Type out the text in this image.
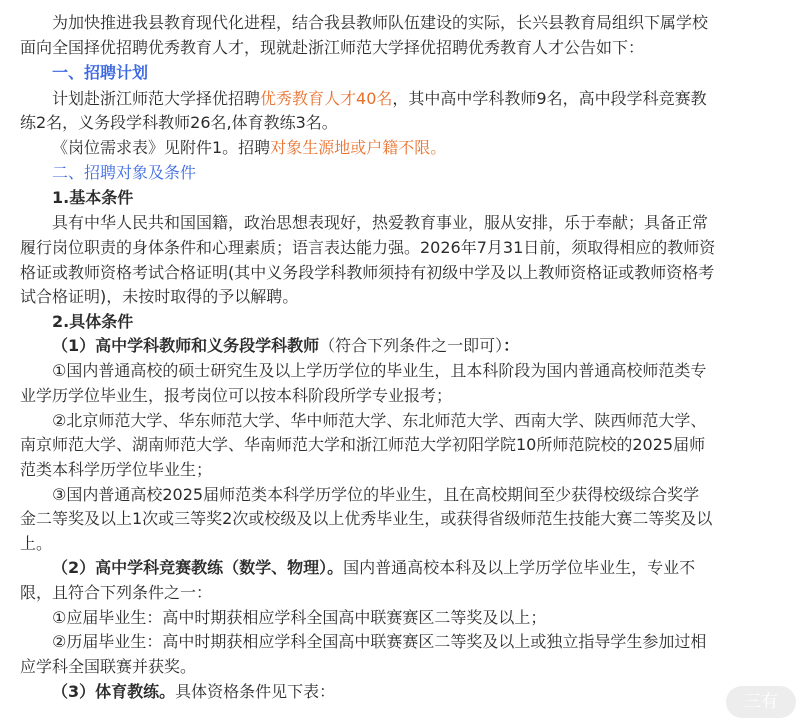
为加快推进我县教育现代化进程，结合我县教师队伍建设的实际，长兴县教育局组织下属学校
面向全国择优招聘优秀教育人才，现就赴浙江师范大学择优招聘优秀教育人才公告如下：
一、招聘计划
计划赴浙江师范大学择优招聘优秀教育人才40名，其中高中学科教师9名，高中段学科竞赛教
练2名，义务段学科教师26名,体育教练3名。
《岗位需求表》见附件1。招聘对象生源地或户籍不限。
二、招聘对象及条件
1.基本条件
具有中华人民共和国国籍，政治思想表现好，热爱教育事业，服从安排，乐于奉献；具备正常
履行岗位职责的身体条件和心理素质；语言表达能力强。2026年7月31日前，须取得相应的教师资
格证或教师资格考试合格证明(其中义务段学科教师须持有初级中学及以上教师资格证或教师资格考
试合格证明)，未按时取得的予以解聘。
2.具体条件
（1）高中学科教师和义务段学科教师（符合下列条件之一即可）：
①国内普通高校的硕士研究生及以上学历学位的毕业生，且本科阶段为国内普通高校师范类专
业学历学位毕业生，报考岗位可以按本科阶段所学专业报考；
②北京师范大学、华东师范大学、华中师范大学、东北师范大学、西南大学、陕西师范大学、
南京师范大学、湖南师范大学、华南师范大学和浙江师范大学初阳学院10所师范院校的2025届师
范类本科学历学位毕业生；
③国内普通高校2025届师范类本科学历学位的毕业生，且在高校期间至少获得校级综合奖学
金二等奖及以上1次或三等奖2次或校级及以上优秀毕业生，或获得省级师范生技能大赛二等奖及以
上。
（2）高中学科竞赛教练（数学、物理）。国内普通高校本科及以上学历学位毕业生，专业不
限，且符合下列条件之一：
①应届毕业生：高中时期获相应学科全国高中联赛赛区二等奖及以上；
②历届毕业生：高中时期获相应学科全国高中联赛赛区二等奖及以上或独立指导学生参加过相
应学科全国联赛并获奖。
（3）体育教练。具体资格条件见下表：
三有
